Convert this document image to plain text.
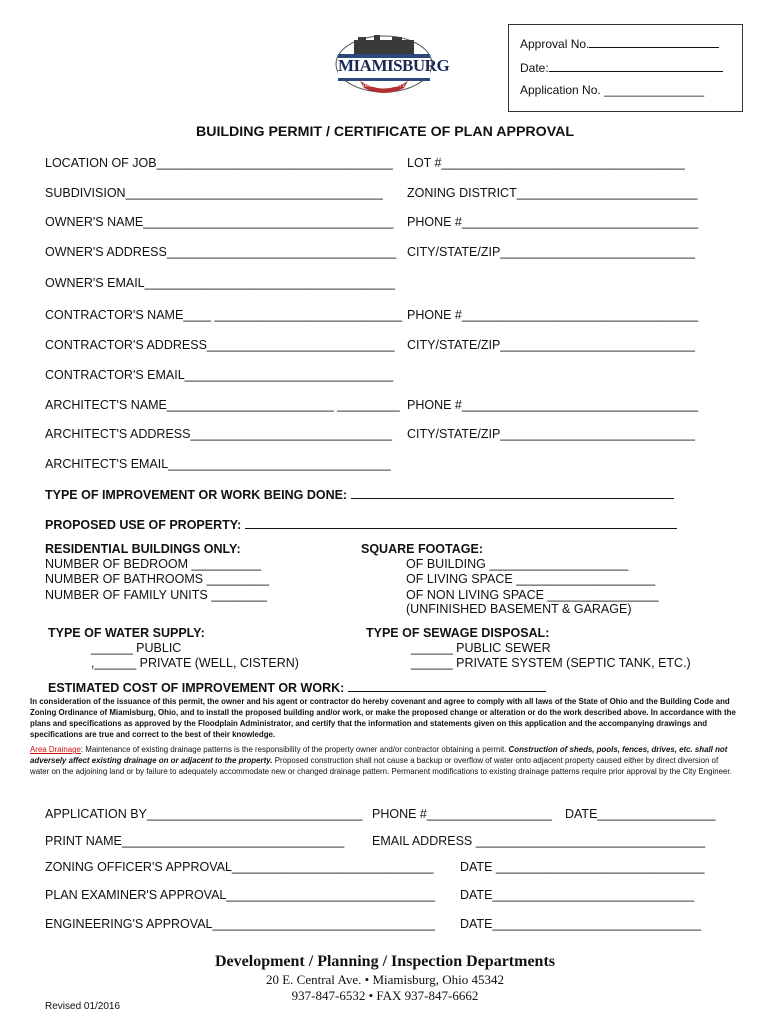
MIAMISBURG
OHIO'S STAR CITY
Approval No.
Date:
Application No. _______________
BUILDING PERMIT / CERTIFICATE OF PLAN APPROVAL
LOCATION OF JOB__________________________________ LOT #___________________________________
SUBDIVISION_____________________________________ ZONING DISTRICT__________________________
OWNER'S NAME____________________________________ PHONE #__________________________________
OWNER'S ADDRESS_________________________________ CITY/STATE/ZIP____________________________
OWNER'S EMAIL____________________________________
CONTRACTOR'S NAME____ ___________________________ PHONE #__________________________________
CONTRACTOR'S ADDRESS___________________________ CITY/STATE/ZIP____________________________
CONTRACTOR'S EMAIL______________________________
ARCHITECT'S NAME________________________ _________ PHONE #__________________________________
ARCHITECT'S ADDRESS_____________________________ CITY/STATE/ZIP____________________________
ARCHITECT'S EMAIL________________________________
TYPE OF IMPROVEMENT OR WORK BEING DONE:
PROPOSED USE OF PROPERTY:
RESIDENTIAL BUILDINGS ONLY:
NUMBER OF BEDROOM __________
NUMBER OF BATHROOMS _________
NUMBER OF FAMILY UNITS ________
SQUARE FOOTAGE:
OF BUILDING ____________________
OF LIVING SPACE ____________________
OF NON LIVING SPACE ________________
(UNFINISHED BASEMENT & GARAGE)
TYPE OF WATER SUPPLY:
______ PUBLIC
,______ PRIVATE (WELL, CISTERN)
TYPE OF SEWAGE DISPOSAL:
______ PUBLIC SEWER
______ PRIVATE SYSTEM (SEPTIC TANK, ETC.)
ESTIMATED COST OF IMPROVEMENT OR WORK:
In consideration of the issuance of this permit, the owner and his agent or contractor do hereby covenant and agree to comply with all laws of the State of Ohio and the Building Code and Zoning Ordinance of Miamisburg, Ohio, and to install the proposed building and/or work, or make the proposed change or alteration or do the work described above. In accordance with the plans and specifications as approved by the Floodplain Administrator, and certify that the information and statements given on this application and the accompanying drawings and specifications are true and correct to the best of their knowledge.
Area Drainage: Maintenance of existing drainage patterns is the responsibility of the property owner and/or contractor obtaining a permit. Construction of sheds, pools, fences, drives, etc. shall not adversely affect existing drainage on or adjacent to the property. Proposed construction shall not cause a backup or overflow of water onto adjacent property caused either by direct diversion of water on the adjoining land or by failure to adequately accommodate new or changed drainage pattern. Permanent modifications to existing drainage patterns require prior approval by the City Engineer.
APPLICATION BY_______________________________ PHONE #__________________ DATE_________________
PRINT NAME________________________________ EMAIL ADDRESS _________________________________
ZONING OFFICER'S APPROVAL_____________________________ DATE ______________________________
PLAN EXAMINER'S APPROVAL______________________________ DATE_____________________________
ENGINEERING'S APPROVAL________________________________ DATE______________________________
Development / Planning / Inspection Departments
20 E. Central Ave. • Miamisburg, Ohio 45342
937-847-6532 • FAX 937-847-6662
Revised 01/2016
